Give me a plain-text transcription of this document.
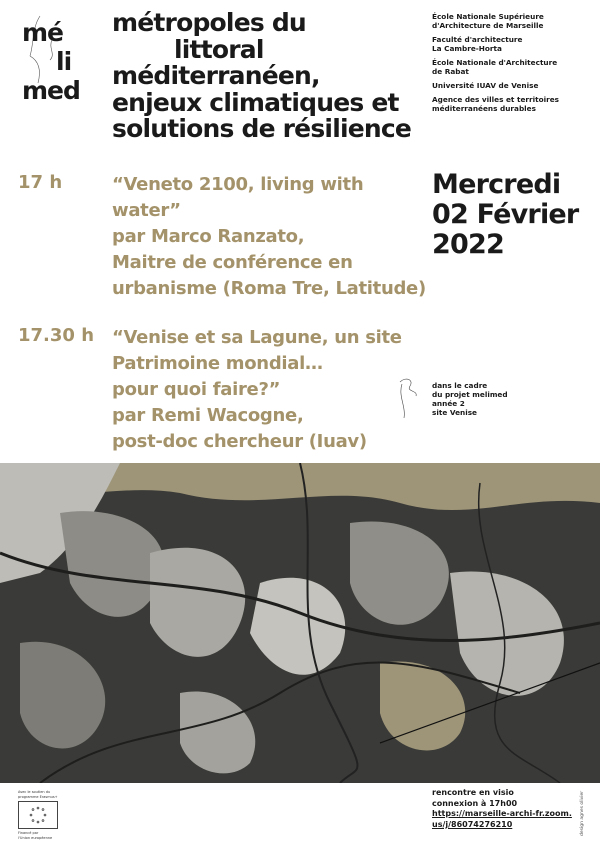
mé
li
med
métropoles du
littoral
méditerranéen,
enjeux climatiques et
solutions de résilience
École Nationale Supérieure
d'Architecture de Marseille
Faculté d'architecture
La Cambre-Horta
École Nationale d'Architecture
de Rabat
Université IUAV de Venise
Agence des villes et territoires
méditerranéens durables
17 h	“Veneto 2100, living with
water”
par Marco Ranzato,
Maitre de conférence en
urbanisme (Roma Tre, Latitude)
17.30 h “Venise et sa Lagune, un site
Patrimoine mondial…
pour quoi faire?”
par Remi Wacogne,
post-doc chercheur (Iuav)
Mercredi
02 Février
2022
dans le cadre
du projet melimed
année 2
site Venise
Avec le soutien du
programme Erasmus+
Financé par
l'Union européenne
rencontre en visio
connexion à 17h00
https://marseille-archi-fr.zoom.
us/j/86074276210	design agnes olivier
